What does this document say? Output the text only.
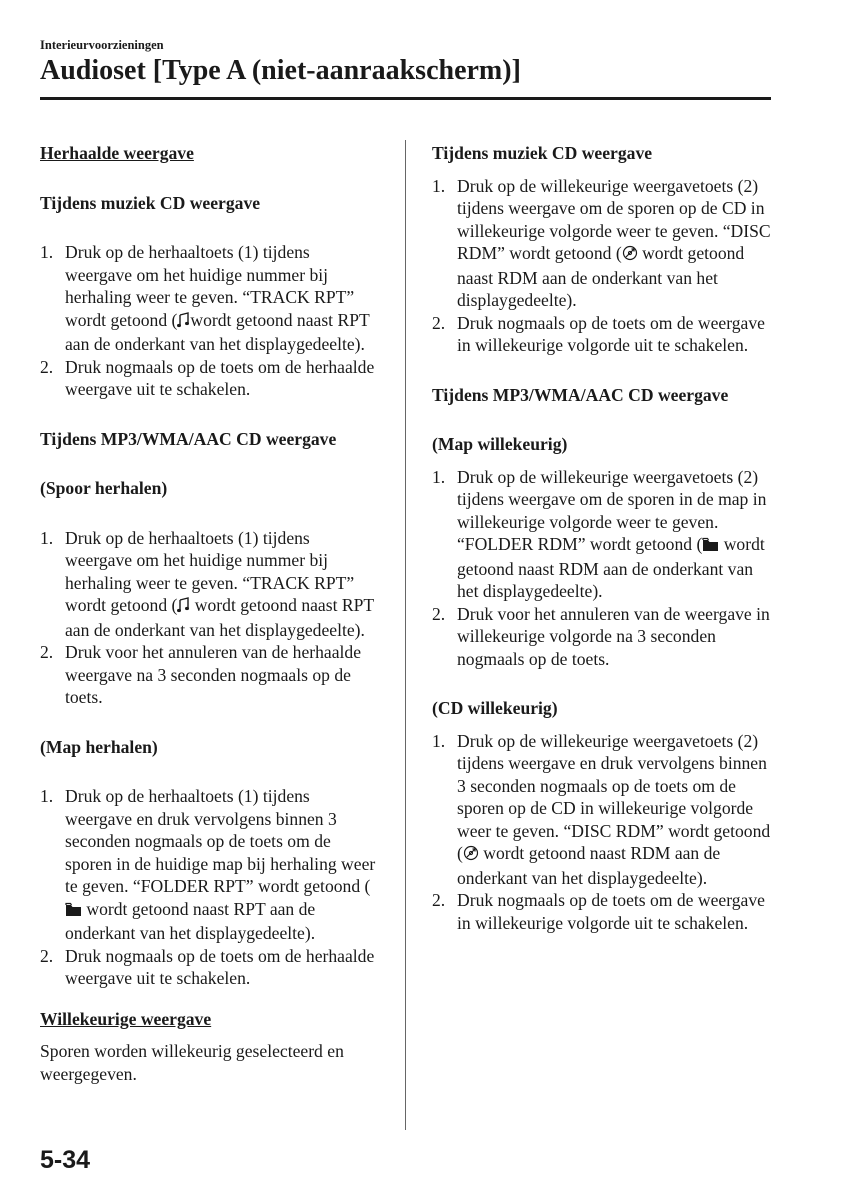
Interieurvoorzieningen
Audioset [Type A (niet-aanraakscherm)]
Herhaalde weergave
Tijdens muziek CD weergave
1. Druk op de herhaaltoets (1) tijdens weergave om het huidige nummer bij herhaling weer te geven. “TRACK RPT” wordt getoond ( wordt getoond naast RPT aan de onderkant van het displaygedeelte).
2. Druk nogmaals op de toets om de herhaalde weergave uit te schakelen.
Tijdens MP3/WMA/AAC CD weergave
(Spoor herhalen)
1. Druk op de herhaaltoets (1) tijdens weergave om het huidige nummer bij herhaling weer te geven. “TRACK RPT” wordt getoond ( wordt getoond naast RPT aan de onderkant van het displaygedeelte).
2. Druk voor het annuleren van de herhaalde weergave na 3 seconden nogmaals op de toets.
(Map herhalen)
1. Druk op de herhaaltoets (1) tijdens weergave en druk vervolgens binnen 3 seconden nogmaals op de toets om de sporen in de huidige map bij herhaling weer te geven. “FOLDER RPT” wordt getoond ( wordt getoond naast RPT aan de onderkant van het displaygedeelte).
2. Druk nogmaals op de toets om de herhaalde weergave uit te schakelen.
Willekeurige weergave

Sporen worden willekeurig geselecteerd en weergegeven.

Tijdens muziek CD weergave
1. Druk op de willekeurige weergavetoets (2) tijdens weergave om de sporen op de CD in willekeurige volgorde weer te geven. “DISC RDM” wordt getoond ( wordt getoond naast RDM aan de onderkant van het displaygedeelte).
2. Druk nogmaals op de toets om de weergave in willekeurige volgorde uit te schakelen.
Tijdens MP3/WMA/AAC CD weergave
(Map willekeurig)
1. Druk op de willekeurige weergavetoets (2) tijdens weergave om de sporen in de map in willekeurige volgorde weer te geven. “FOLDER RDM” wordt getoond ( wordt getoond naast RDM aan de onderkant van het displaygedeelte).
2. Druk voor het annuleren van de weergave in willekeurige volgorde na 3 seconden nogmaals op de toets.
(CD willekeurig)
1. Druk op de willekeurige weergavetoets (2) tijdens weergave en druk vervolgens binnen 3 seconden nogmaals op de toets om de sporen op de CD in willekeurige volgorde weer te geven. “DISC RDM” wordt getoond ( wordt getoond naast RDM aan de onderkant van het displaygedeelte).
2. Druk nogmaals op de toets om de weergave in willekeurige volgorde uit te schakelen.
5-34
